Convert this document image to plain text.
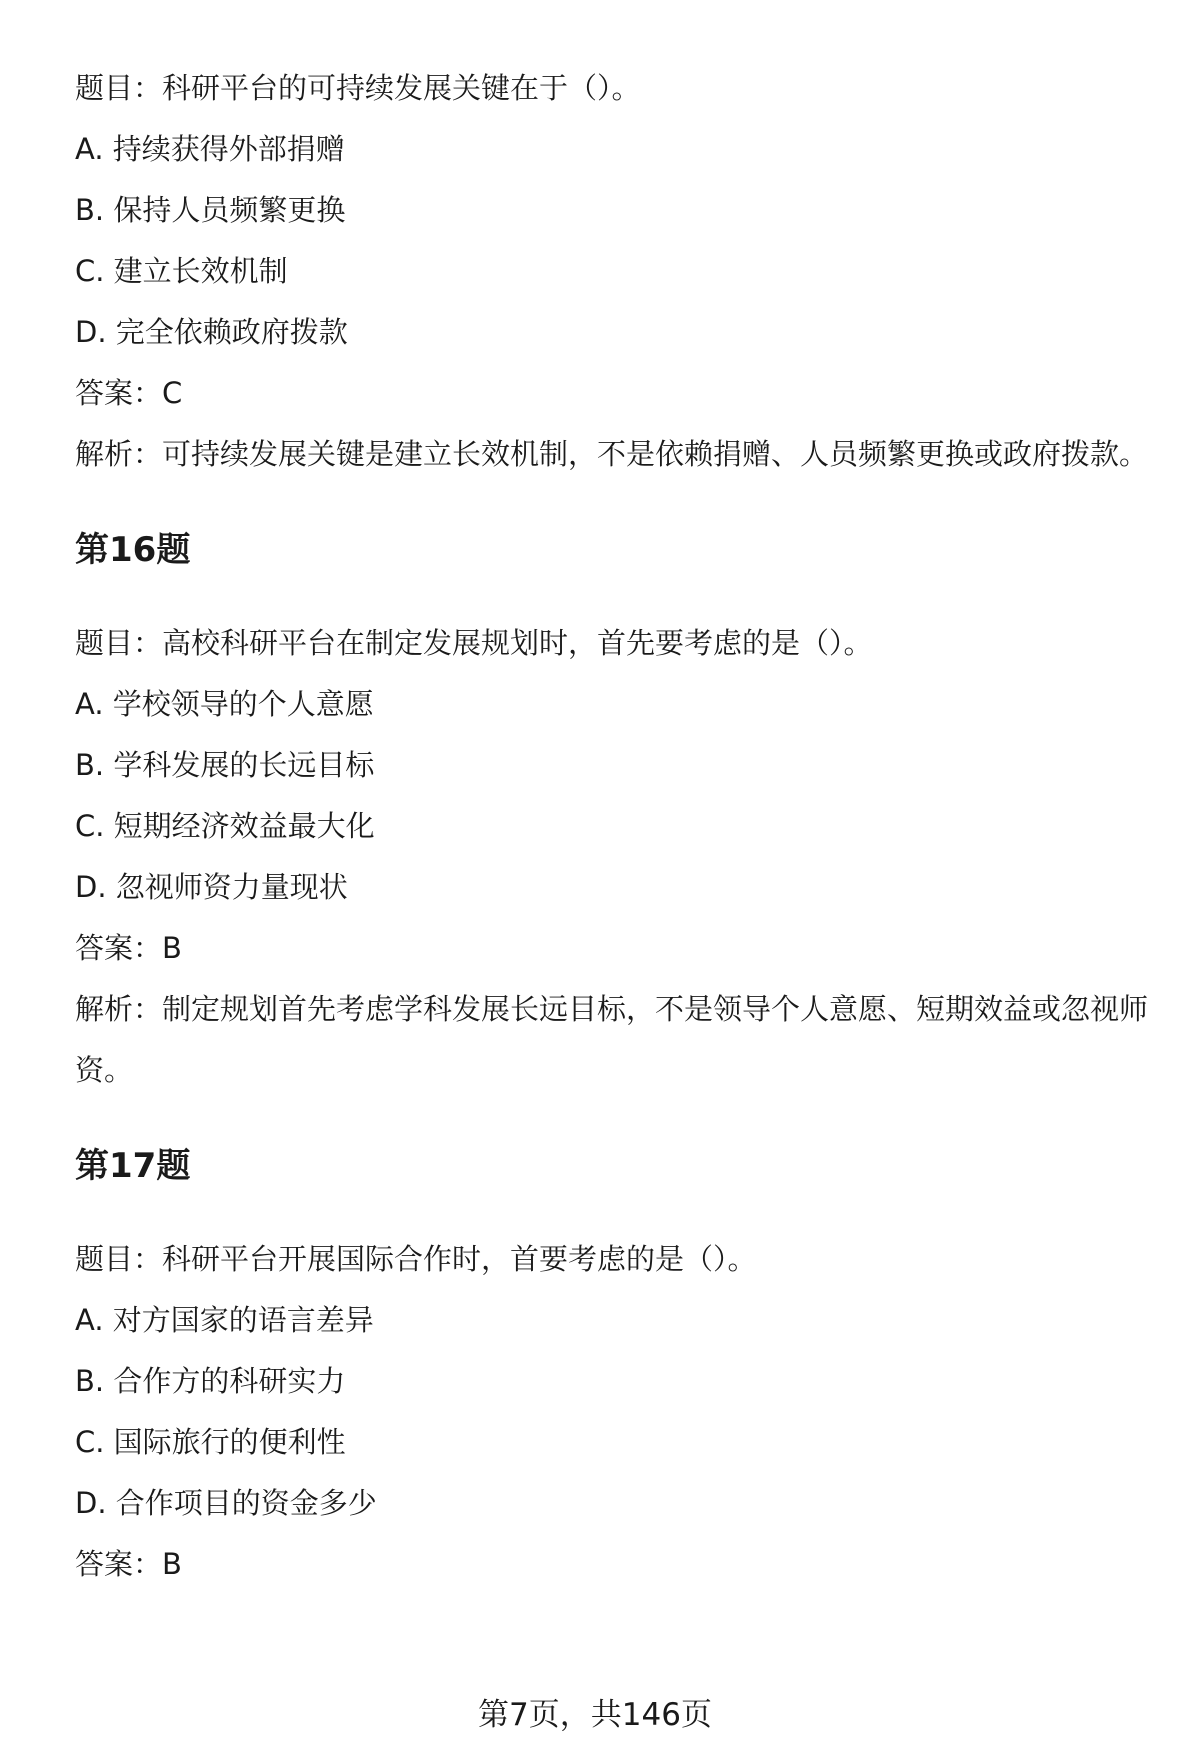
题目：科研平台的可持续发展关键在于（）。
A. 持续获得外部捐赠
B. 保持人员频繁更换
C. 建立长效机制
D. 完全依赖政府拨款
答案：C
解析：可持续发展关键是建立长效机制，不是依赖捐赠、人员频繁更换或政府拨款。
第16题
题目：高校科研平台在制定发展规划时，首先要考虑的是（）。
A. 学校领导的个人意愿
B. 学科发展的长远目标
C. 短期经济效益最大化
D. 忽视师资力量现状
答案：B
解析：制定规划首先考虑学科发展长远目标，不是领导个人意愿、短期效益或忽视师资。
第17题
题目：科研平台开展国际合作时，首要考虑的是（）。
A. 对方国家的语言差异
B. 合作方的科研实力
C. 国际旅行的便利性
D. 合作项目的资金多少
答案：B
第7页，共146页
